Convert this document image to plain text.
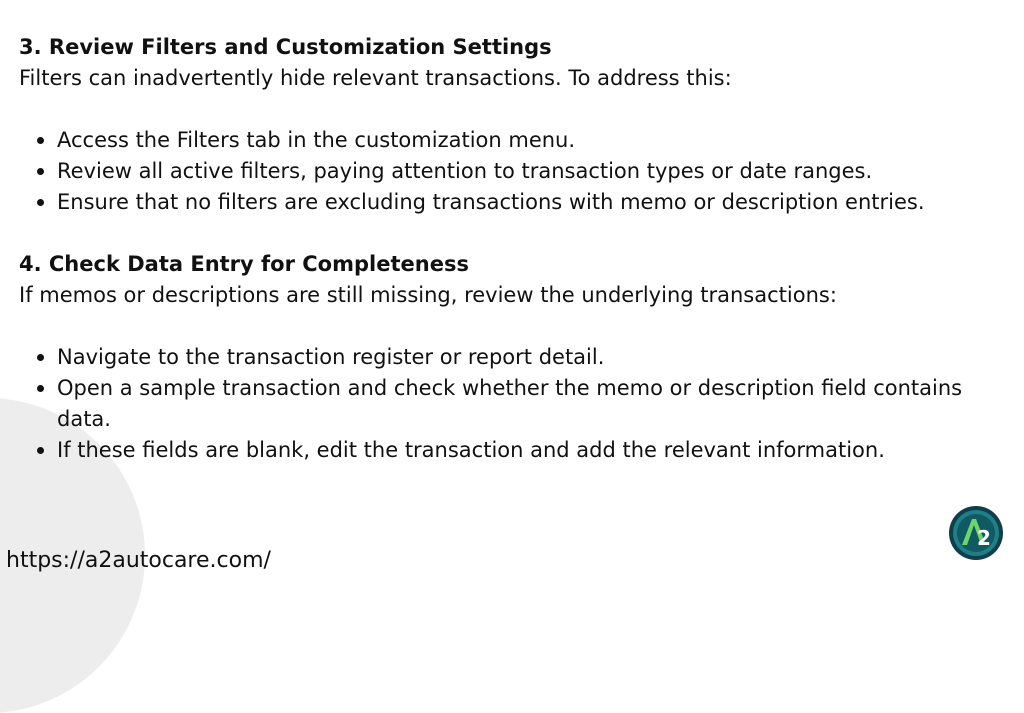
3. Review Filters and Customization Settings

Filters can inadvertently hide relevant transactions. To address this:

Access the Filters tab in the customization menu.
Review all active filters, paying attention to transaction types or date ranges.
Ensure that no filters are excluding transactions with memo or description entries.

4. Check Data Entry for Completeness

If memos or descriptions are still missing, review the underlying transactions:

Navigate to the transaction register or report detail.
Open a sample transaction and check whether the memo or description field contains data.
If these fields are blank, edit the transaction and add the relevant information.
https://a2autocare.com/
2
